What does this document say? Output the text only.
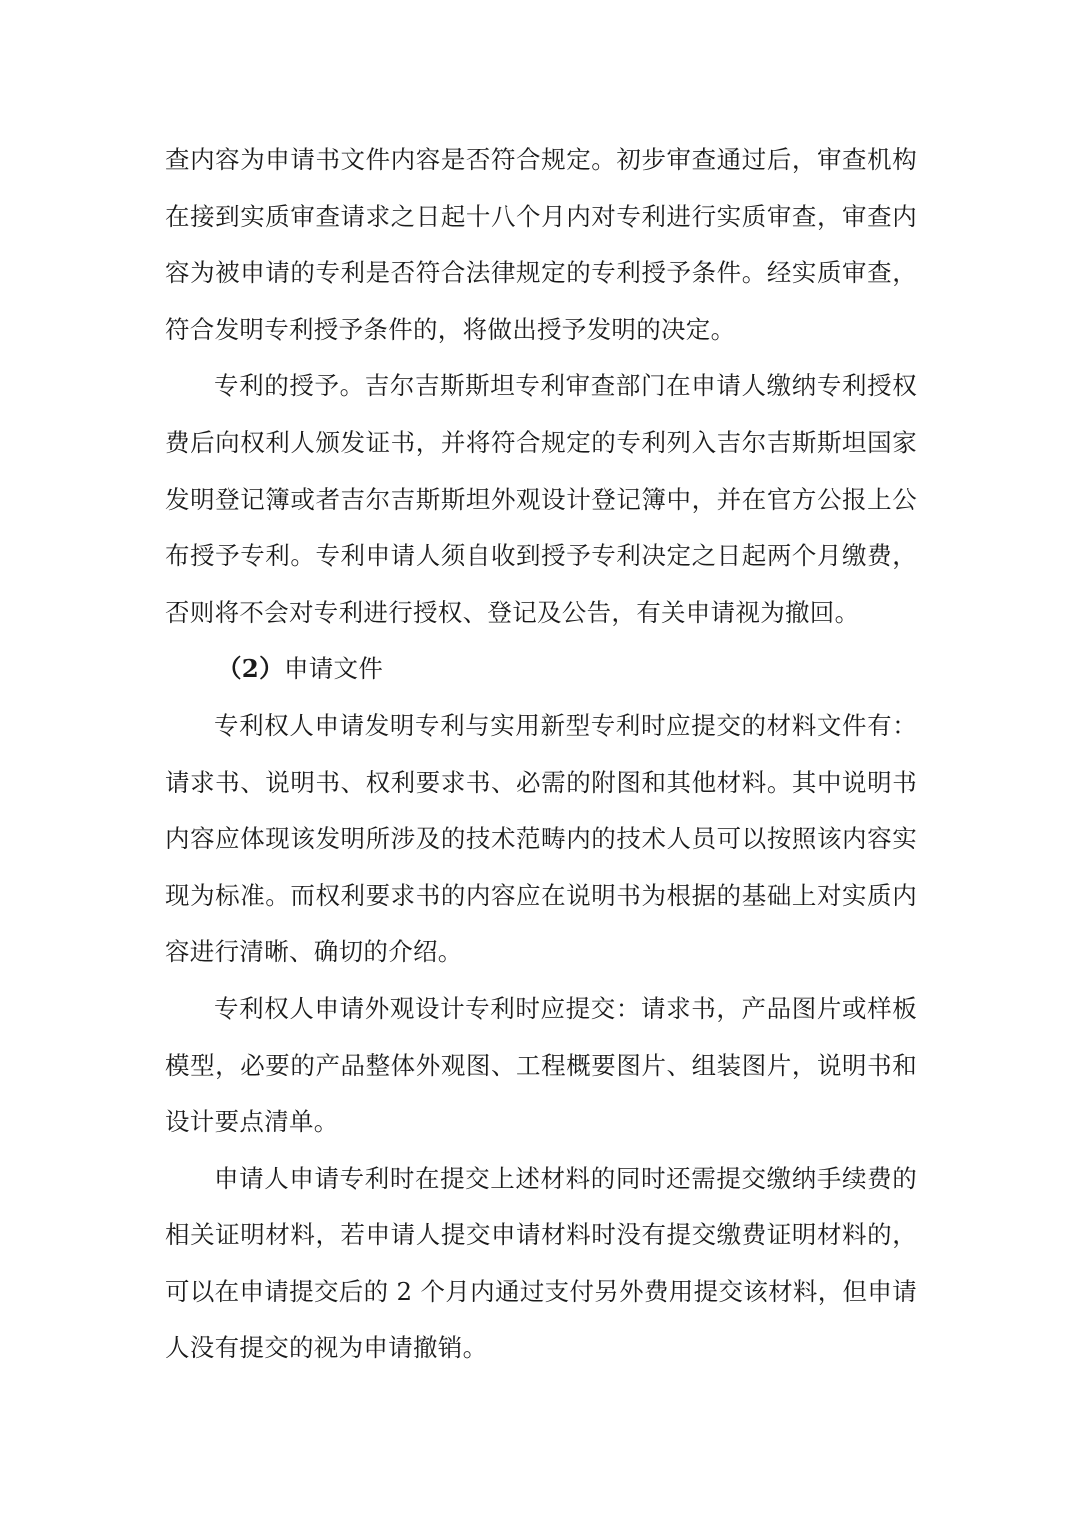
查内容为申请书文件内容是否符合规定。初步审查通过后，审查机构在接到实质审查请求之日起十八个月内对专利进行实质审查，审查内容为被申请的专利是否符合法律规定的专利授予条件。经实质审查，符合发明专利授予条件的，将做出授予发明的决定。

专利的授予。吉尔吉斯斯坦专利审查部门在申请人缴纳专利授权费后向权利人颁发证书，并将符合规定的专利列入吉尔吉斯斯坦国家发明登记簿或者吉尔吉斯斯坦外观设计登记簿中，并在官方公报上公布授予专利。专利申请人须自收到授予专利决定之日起两个月缴费，否则将不会对专利进行授权、登记及公告，有关申请视为撤回。

（2）申请文件

专利权人申请发明专利与实用新型专利时应提交的材料文件有：请求书、说明书、权利要求书、必需的附图和其他材料。其中说明书内容应体现该发明所涉及的技术范畴内的技术人员可以按照该内容实现为标准。而权利要求书的内容应在说明书为根据的基础上对实质内容进行清晰、确切的介绍。

专利权人申请外观设计专利时应提交：请求书，产品图片或样板模型，必要的产品整体外观图、工程概要图片、组装图片，说明书和设计要点清单。

申请人申请专利时在提交上述材料的同时还需提交缴纳手续费的相关证明材料，若申请人提交申请材料时没有提交缴费证明材料的，可以在申请提交后的 2 个月内通过支付另外费用提交该材料，但申请人没有提交的视为申请撤销。
